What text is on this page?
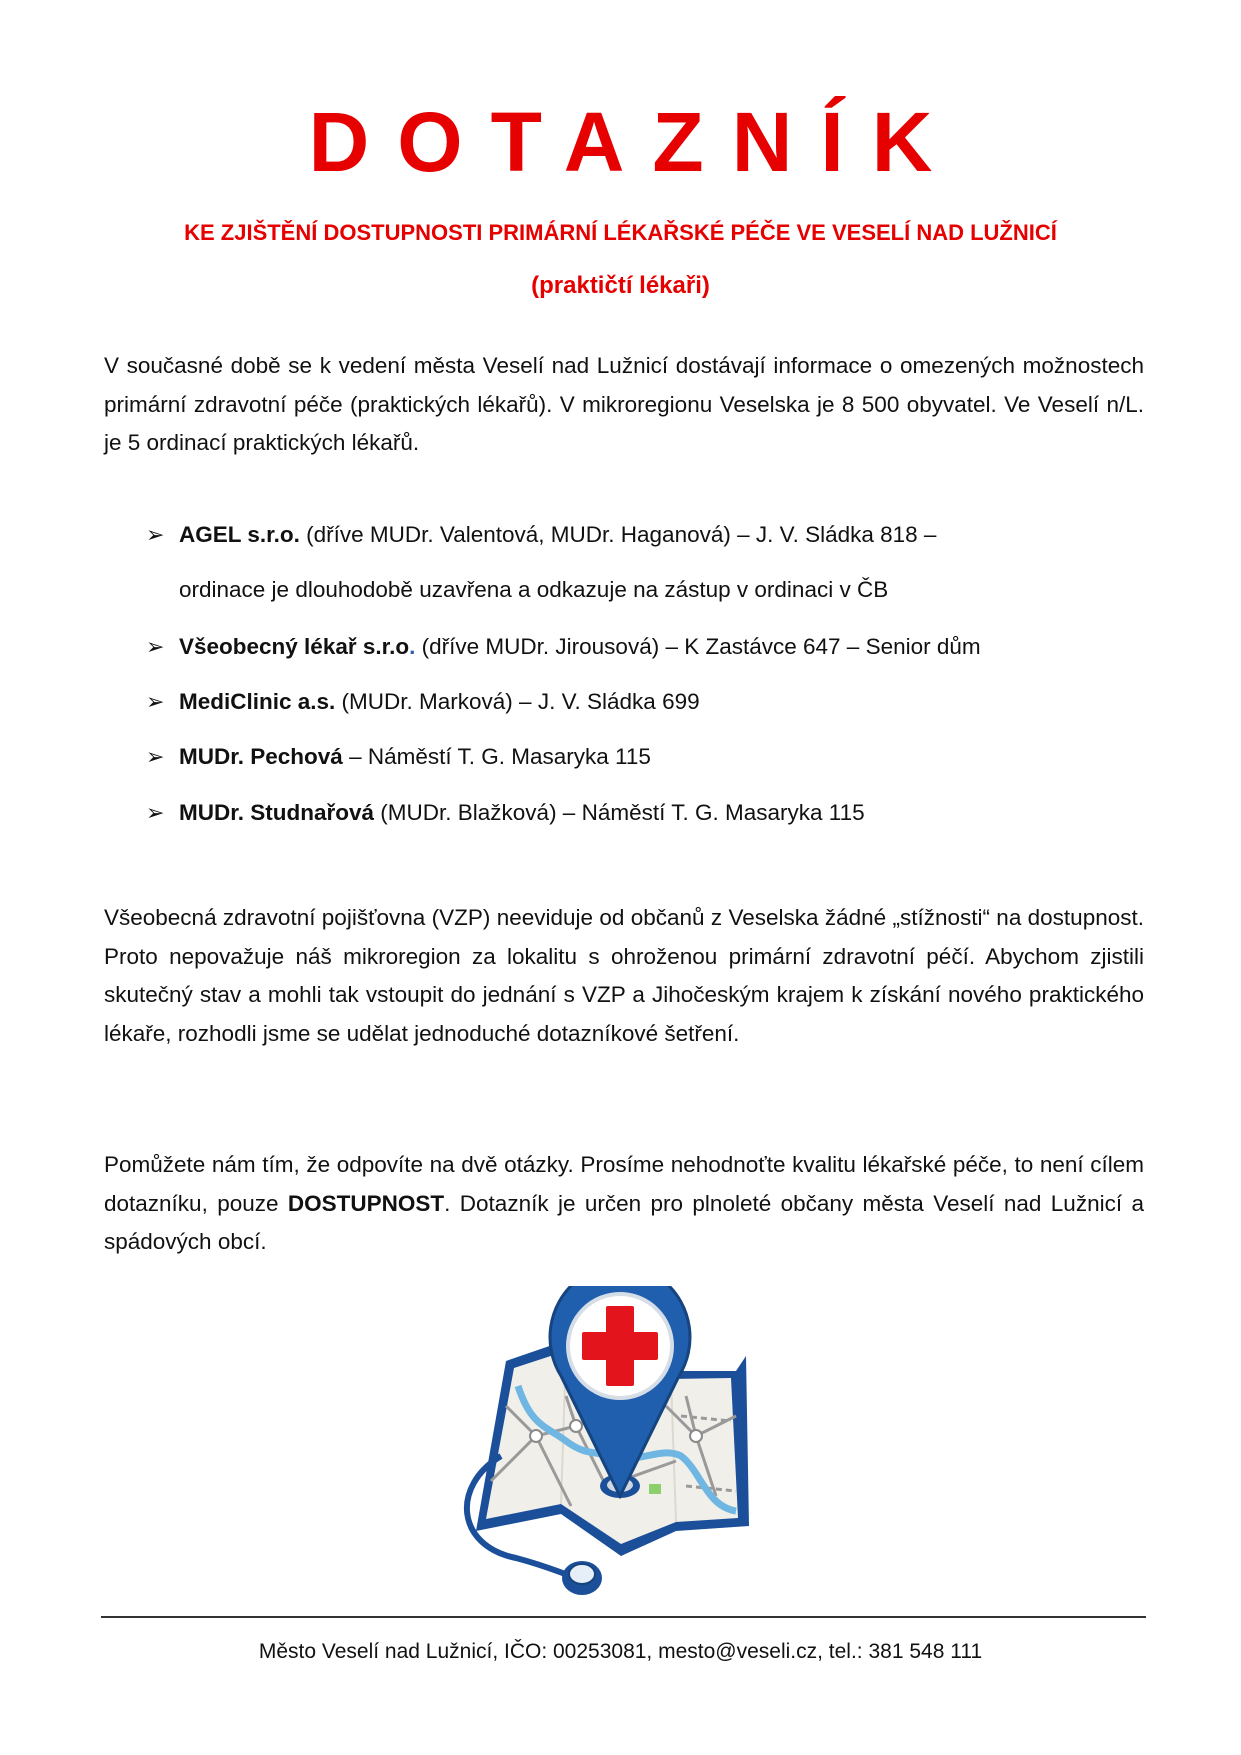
DOTAZNÍK
KE ZJIŠTĚNÍ DOSTUPNOSTI PRIMÁRNÍ LÉKAŘSKÉ PÉČE VE VESELÍ NAD LUŽNICÍ
(praktičtí lékaři)
V současné době se k vedení města Veselí nad Lužnicí dostávají informace o omezených možnostech primární zdravotní péče (praktických lékařů). V mikroregionu Veselska je 8 500 obyvatel. Ve Veselí n/L. je 5 ordinací praktických lékařů.
➢ AGEL s.r.o. (dříve MUDr. Valentová, MUDr. Haganová) – J. V. Sládka 818 –
ordinace je dlouhodobě uzavřena a odkazuje na zástup v ordinaci v ČB
➢ Všeobecný lékař s.r.o. (dříve MUDr. Jirousová) – K Zastávce 647 – Senior dům
➢ MediClinic a.s. (MUDr. Marková) – J. V. Sládka 699
➢ MUDr. Pechová – Náměstí T. G. Masaryka 115
➢ MUDr. Studnařová (MUDr. Blažková) – Náměstí T. G. Masaryka 115
Všeobecná zdravotní pojišťovna (VZP) neeviduje od občanů z Veselska žádné „stížnosti“ na dostupnost. Proto nepovažuje náš mikroregion za lokalitu s ohroženou primární zdravotní péčí. Abychom zjistili skutečný stav a mohli tak vstoupit do jednání s VZP a Jihočeským krajem k získání nového praktického lékaře, rozhodli jsme se udělat jednoduché dotazníkové šetření.
Pomůžete nám tím, že odpovíte na dvě otázky. Prosíme nehodnoťte kvalitu lékařské péče, to není cílem dotazníku, pouze DOSTUPNOST. Dotazník je určen pro plnoleté občany města Veselí nad Lužnicí a spádových obcí.
Město Veselí nad Lužnicí, IČO: 00253081, mesto@veseli.cz, tel.: 381 548 111
